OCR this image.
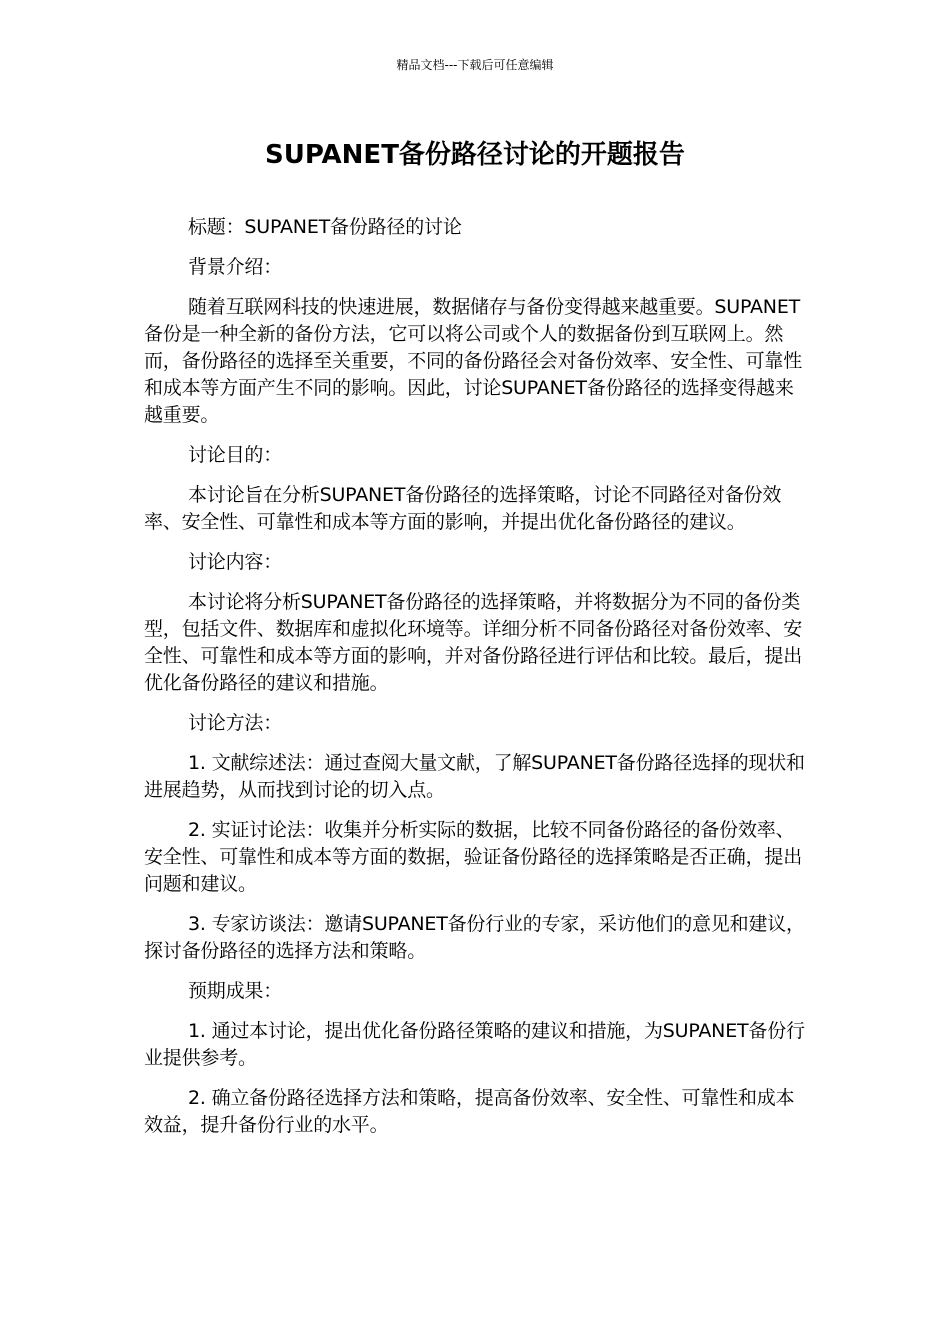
精品文档---下载后可任意编辑
SUPANET备份路径讨论的开题报告

标题：SUPANET备份路径的讨论

背景介绍：

随着互联网科技的快速进展，数据储存与备份变得越来越重要。SUPANET备份是一种全新的备份方法，它可以将公司或个人的数据备份到互联网上。然而，备份路径的选择至关重要，不同的备份路径会对备份效率、安全性、可靠性和成本等方面产生不同的影响。因此，讨论SUPANET备份路径的选择变得越来越重要。

讨论目的：

本讨论旨在分析SUPANET备份路径的选择策略，讨论不同路径对备份效率、安全性、可靠性和成本等方面的影响，并提出优化备份路径的建议。

讨论内容：

本讨论将分析SUPANET备份路径的选择策略，并将数据分为不同的备份类型，包括文件、数据库和虚拟化环境等。详细分析不同备份路径对备份效率、安全性、可靠性和成本等方面的影响，并对备份路径进行评估和比较。最后，提出优化备份路径的建议和措施。

讨论方法：

1. 文献综述法：通过查阅大量文献，了解SUPANET备份路径选择的现状和进展趋势，从而找到讨论的切入点。

2. 实证讨论法：收集并分析实际的数据，比较不同备份路径的备份效率、安全性、可靠性和成本等方面的数据，验证备份路径的选择策略是否正确，提出问题和建议。

3. 专家访谈法：邀请SUPANET备份行业的专家，采访他们的意见和建议，探讨备份路径的选择方法和策略。

预期成果：

1. 通过本讨论，提出优化备份路径策略的建议和措施，为SUPANET备份行业提供参考。

2. 确立备份路径选择方法和策略，提高备份效率、安全性、可靠性和成本效益，提升备份行业的水平。
